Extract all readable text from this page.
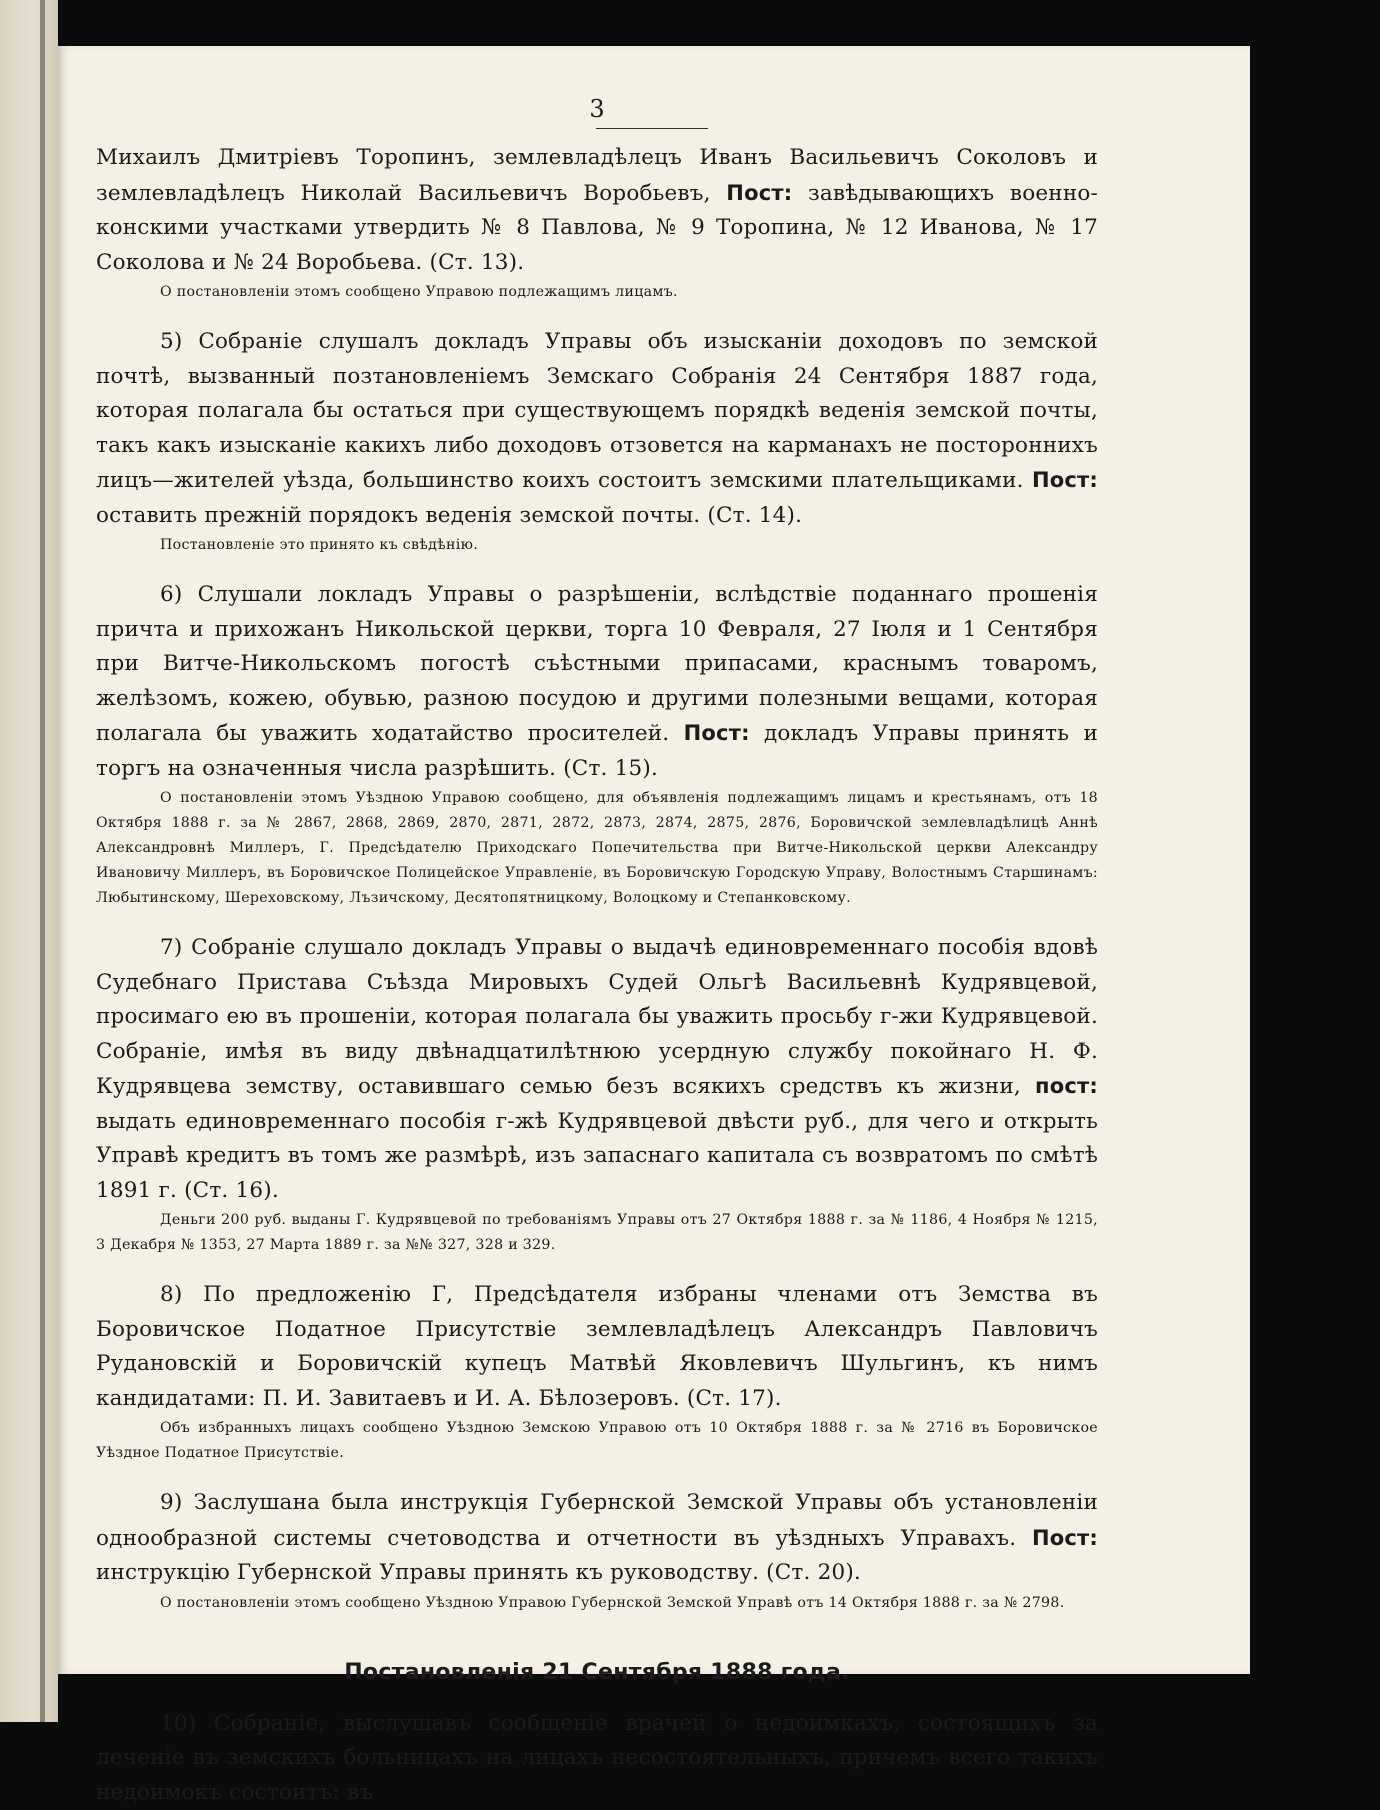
3

Михаилъ Дмитріевъ Торопинъ, землевладѣлецъ Иванъ Васильевичъ Соколовъ и землевладѣлецъ Николай Васильевичъ Воробьевъ, Пост: завѣдывающихъ военно-конскими участками утвердить № 8 Павлова, № 9 Торопина, № 12 Иванова, № 17 Соколова и № 24 Воробьева. (Ст. 13).

О постановленіи этомъ сообщено Управою подлежащимъ лицамъ.

5) Собраніе слушалъ докладъ Управы объ изысканіи доходовъ по земской почтѣ, вызванный позтановленіемъ Земскаго Собранія 24 Сентября 1887 года, которая полагала бы остаться при существующемъ порядкѣ веденія земской почты, такъ какъ изысканіе какихъ либо доходовъ отзовется на карманахъ не посторонниxъ лицъ—жителей уѣзда, большинство коихъ состоитъ земскими плательщиками. Пост: оставить прежній порядокъ веденія земской почты. (Ст. 14).

Постановленіе это принято къ свѣдѣнію.

6) Слушали локладъ Управы о разрѣшеніи, вслѣдствіе поданнаго прошенія причта и прихожанъ Никольской церкви, торга 10 Февраля, 27 Іюля и 1 Сентября при Витче-Никольскомъ погостѣ съѣстными припасами, краснымъ товаромъ, желѣзомъ, кожею, обувью, разною посудою и другими полезными вещами, которая полагала бы уважить ходатайство просителей. Пост: докладъ Управы принять и торгъ на означенныя числа разрѣшить. (Ст. 15).

О постановленіи этомъ Уѣздною Управою сообщено, для объявленія подлежащимъ лицамъ и крестьянамъ, отъ 18 Октября 1888 г. за № 2867, 2868, 2869, 2870, 2871, 2872, 2873, 2874, 2875, 2876, Боровичской землевладѣлицѣ Аннѣ Александровнѣ Миллеръ, Г. Предсѣдателю Приходскаго Попечительства при Витче-Никольской церкви Александру Ивановичу Миллеръ, въ Боровичское Полицейское Управленіе, въ Боровичскую Городскую Управу, Волостнымъ Старшинамъ: Любытинскому, Шереховскому, Лъзичскому, Десятопятницкому, Волоцкому и Степанковскому.

7) Собраніе слушало докладъ Управы о выдачѣ единовременнаго пособія вдовѣ Судебнаго Пристава Съѣзда Мировыхъ Судей Ольгѣ Васильевнѣ Кудрявцевой, просимаго ею въ прошеніи, которая полагала бы уважить просьбу г-жи Кудрявцевой. Собраніе, имѣя въ виду двѣнадцатилѣтнюю усердную службу покойнаго Н. Ф. Кудрявцева земству, оставившаго семью безъ всякихъ средствъ къ жизни, пост: выдать единовременнаго пособія г-жѣ Кудрявцевой двѣсти руб., для чего и открыть Управѣ кредитъ въ томъ же размѣрѣ, изъ запаснаго капитала съ возвратомъ по смѣтѣ 1891 г. (Ст. 16).

Деньги 200 руб. выданы Г. Кудрявцевой по требованіямъ Управы отъ 27 Октября 1888 г. за № 1186, 4 Ноября № 1215, 3 Декабря № 1353, 27 Марта 1889 г. за №№ 327, 328 и 329.

8) По предложенію Г, Предсѣдателя избраны членами отъ Земства въ Боровичское Податное Присутствіе землевладѣлецъ Александръ Павловичъ Рудановскій и Боровичскій купецъ Матвѣй Яковлевичъ Шульгинъ, къ нимъ кандидатами: П. И. Завитаевъ и И. А. Бѣлозеровъ. (Ст. 17).

Объ избранныхъ лицахъ сообщено Уѣздною Земскою Управою отъ 10 Октября 1888 г. за № 2716 въ Боровичское Уѣздное Податное Присутствіе.

9) Заслушана была инструкція Губернской Земской Управы объ установленіи однообразной системы счетоводства и отчетности въ уѣздныхъ Управахъ. Пост: инструкцію Губернской Управы принять къ руководству. (Ст. 20).

О постановленіи этомъ сообщено Уѣздною Управою Губернской Земской Управѣ отъ 14 Октября 1888 г. за № 2798.

Постановленія 21 Сентября 1888 года.

10) Собраніе, выслушавъ сообщеніе врачей о недоимкахъ, состоящихъ за леченіе въ земскихъ больницахъ на лицахъ несостоятельныхъ, причемъ всего такихъ недоимокъ состоитъ: въ
